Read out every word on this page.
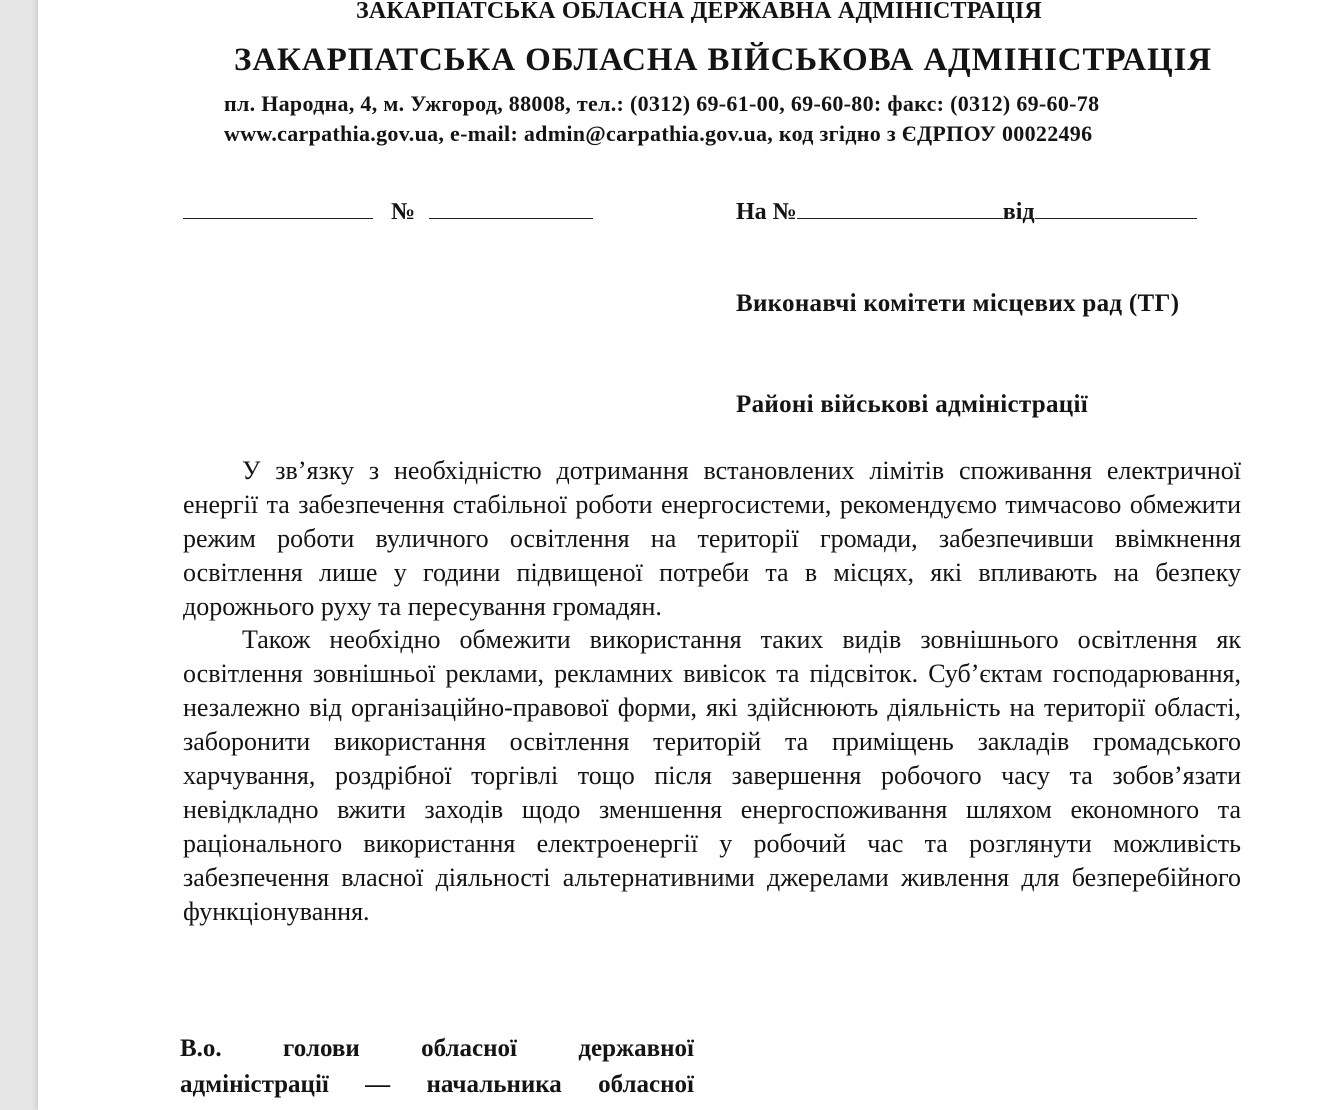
ЗАКАРПАТСЬКА ОБЛАСНА ДЕРЖАВНА АДМІНІСТРАЦІЯ
ЗАКАРПАТСЬКА ОБЛАСНА ВІЙСЬКОВА АДМІНІСТРАЦІЯ
пл. Народна, 4, м. Ужгород, 88008, тел.: (0312) 69-61-00, 69-60-80: факс: (0312) 69-60-78
www.carpathia.gov.ua, e-mail: admin@carpathia.gov.ua, код згідно з ЄДРПОУ 00022496
№	На №	від
Виконавчі комітети місцевих рад (ТГ)
Районі військові адміністрації

У зв’язку з необхідністю дотримання встановлених лімітів споживання електричної енергії та забезпечення стабільної роботи енергосистеми, рекомендуємо тимчасово обмежити режим роботи вуличного освітлення на території громади, забезпечивши ввімкнення освітлення лише у години підвищеної потреби та в місцях, які впливають на безпеку дорожнього руху та пересування громадян.

Також необхідно обмежити використання таких видів зовнішнього освітлення як освітлення зовнішньої реклами, рекламних вивісок та підсвіток. Суб’єктам господарювання, незалежно від організаційно-правової форми, які здійснюють діяльність на території області, заборонити використання освітлення територій та приміщень закладів громадського харчування, роздрібної торгівлі тощо після завершення робочого часу та зобов’язати невідкладно вжити заходів щодо зменшення енергоспоживання шляхом економного та раціонального використання електроенергії у робочий час та розглянути можливість забезпечення власної діяльності альтернативними джерелами живлення для безперебійного функціонування.

В.о. голови обласної державної
адміністрації — начальника обласної
